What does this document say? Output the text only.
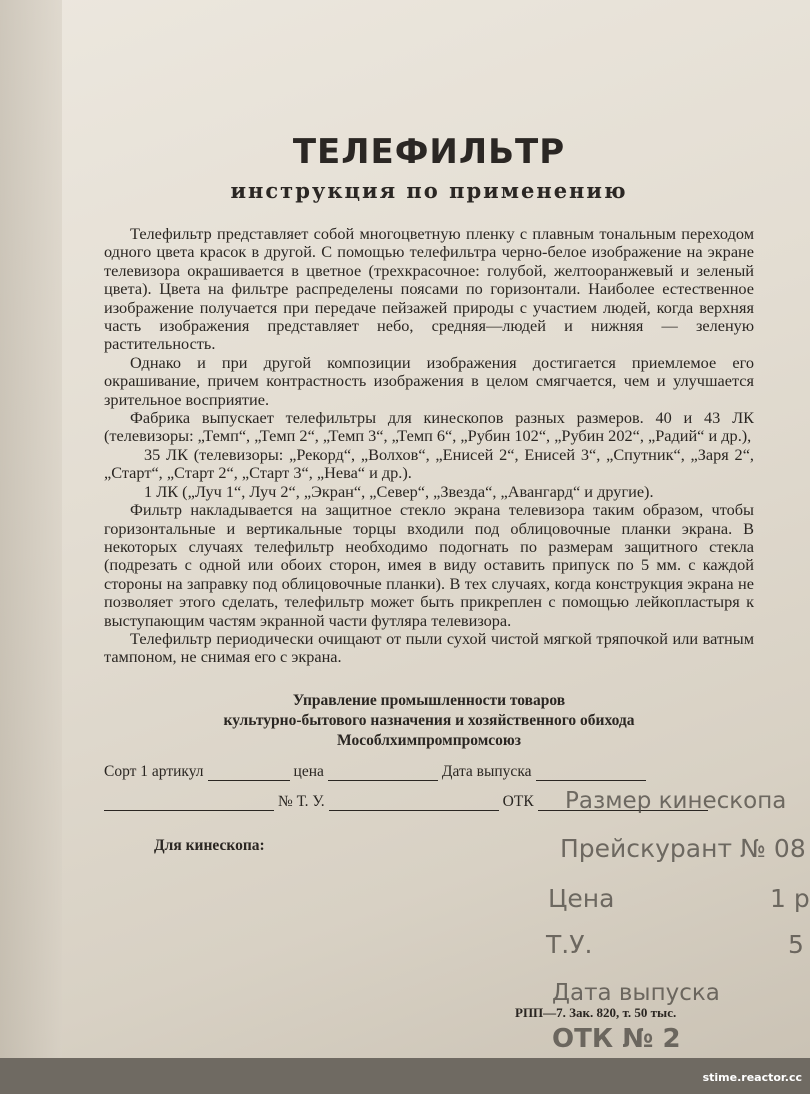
ТЕЛЕФИЛЬТР
инструкция по применению

Телефильтр представляет собой многоцветную пленку с плавным тональным переходом одного цвета красок в другой. С помощью телефильтра черно-белое изображение на экране телевизора окрашивается в цветное (трехкрасочное: голубой, желтооранжевый и зеленый цвета). Цвета на фильтре распределены поясами по горизонтали. Наиболее естественное изображение получается при передаче пейзажей природы с участием людей, когда верхняя часть изображения представляет небо, средняя—людей и нижняя — зеленую растительность.

Однако и при другой композиции изображения достигается приемлемое его окрашивание, причем контрастность изображения в целом смягчается, чем и улучшается зрительное восприятие.

Фабрика выпускает телефильтры для кинескопов разных размеров. 40 и 43 ЛК (телевизоры: „Темп“, „Темп 2“, „Темп 3“, „Темп 6“, „Рубин 102“, „Рубин 202“, „Радий“ и др.),

35 ЛК (телевизоры: „Рекорд“, „Волхов“, „Енисей 2“, Енисей 3“, „Спутник“, „Заря 2“, „Старт“, „Старт 2“, „Старт 3“, „Нева“ и др.).

1 ЛК („Луч 1“, Луч 2“, „Экран“, „Север“, „Звезда“, „Авангард“ и другие).

Фильтр накладывается на защитное стекло экрана телевизора таким образом, чтобы горизонтальные и вертикальные торцы входили под облицовочные планки экрана. В некоторых случаях телефильтр необходимо подогнать по размерам защитного стекла (подрезать с одной или обоих сторон, имея в виду оставить припуск по 5 мм. с каждой стороны на заправку под облицовочные планки). В тех случаях, когда конструкция экрана не позволяет этого сделать, телефильтр может быть прикреплен с помощью лейкопластыря к выступающим частям экранной части футляра телевизора.

Телефильтр периодически очищают от пыли сухой чистой мягкой тряпочкой или ватным тампоном, не снимая его с экрана.

Управление промышленности товаров
культурно-бытового назначения и хозяйственного обихода
Мособлхимпромпромсоюз
Сорт 1 артикул	цена	Дата выпуска
№ Т. У.	ОТК
Для кинескопа:
РПП—7. Зак. 820, т. 50 тыс.
Размер кинескопа
Прейскурант № 08
Цена	1 р
Т.У.	5
Дата выпуска
ОТК № 2
stime.reactor.cc
